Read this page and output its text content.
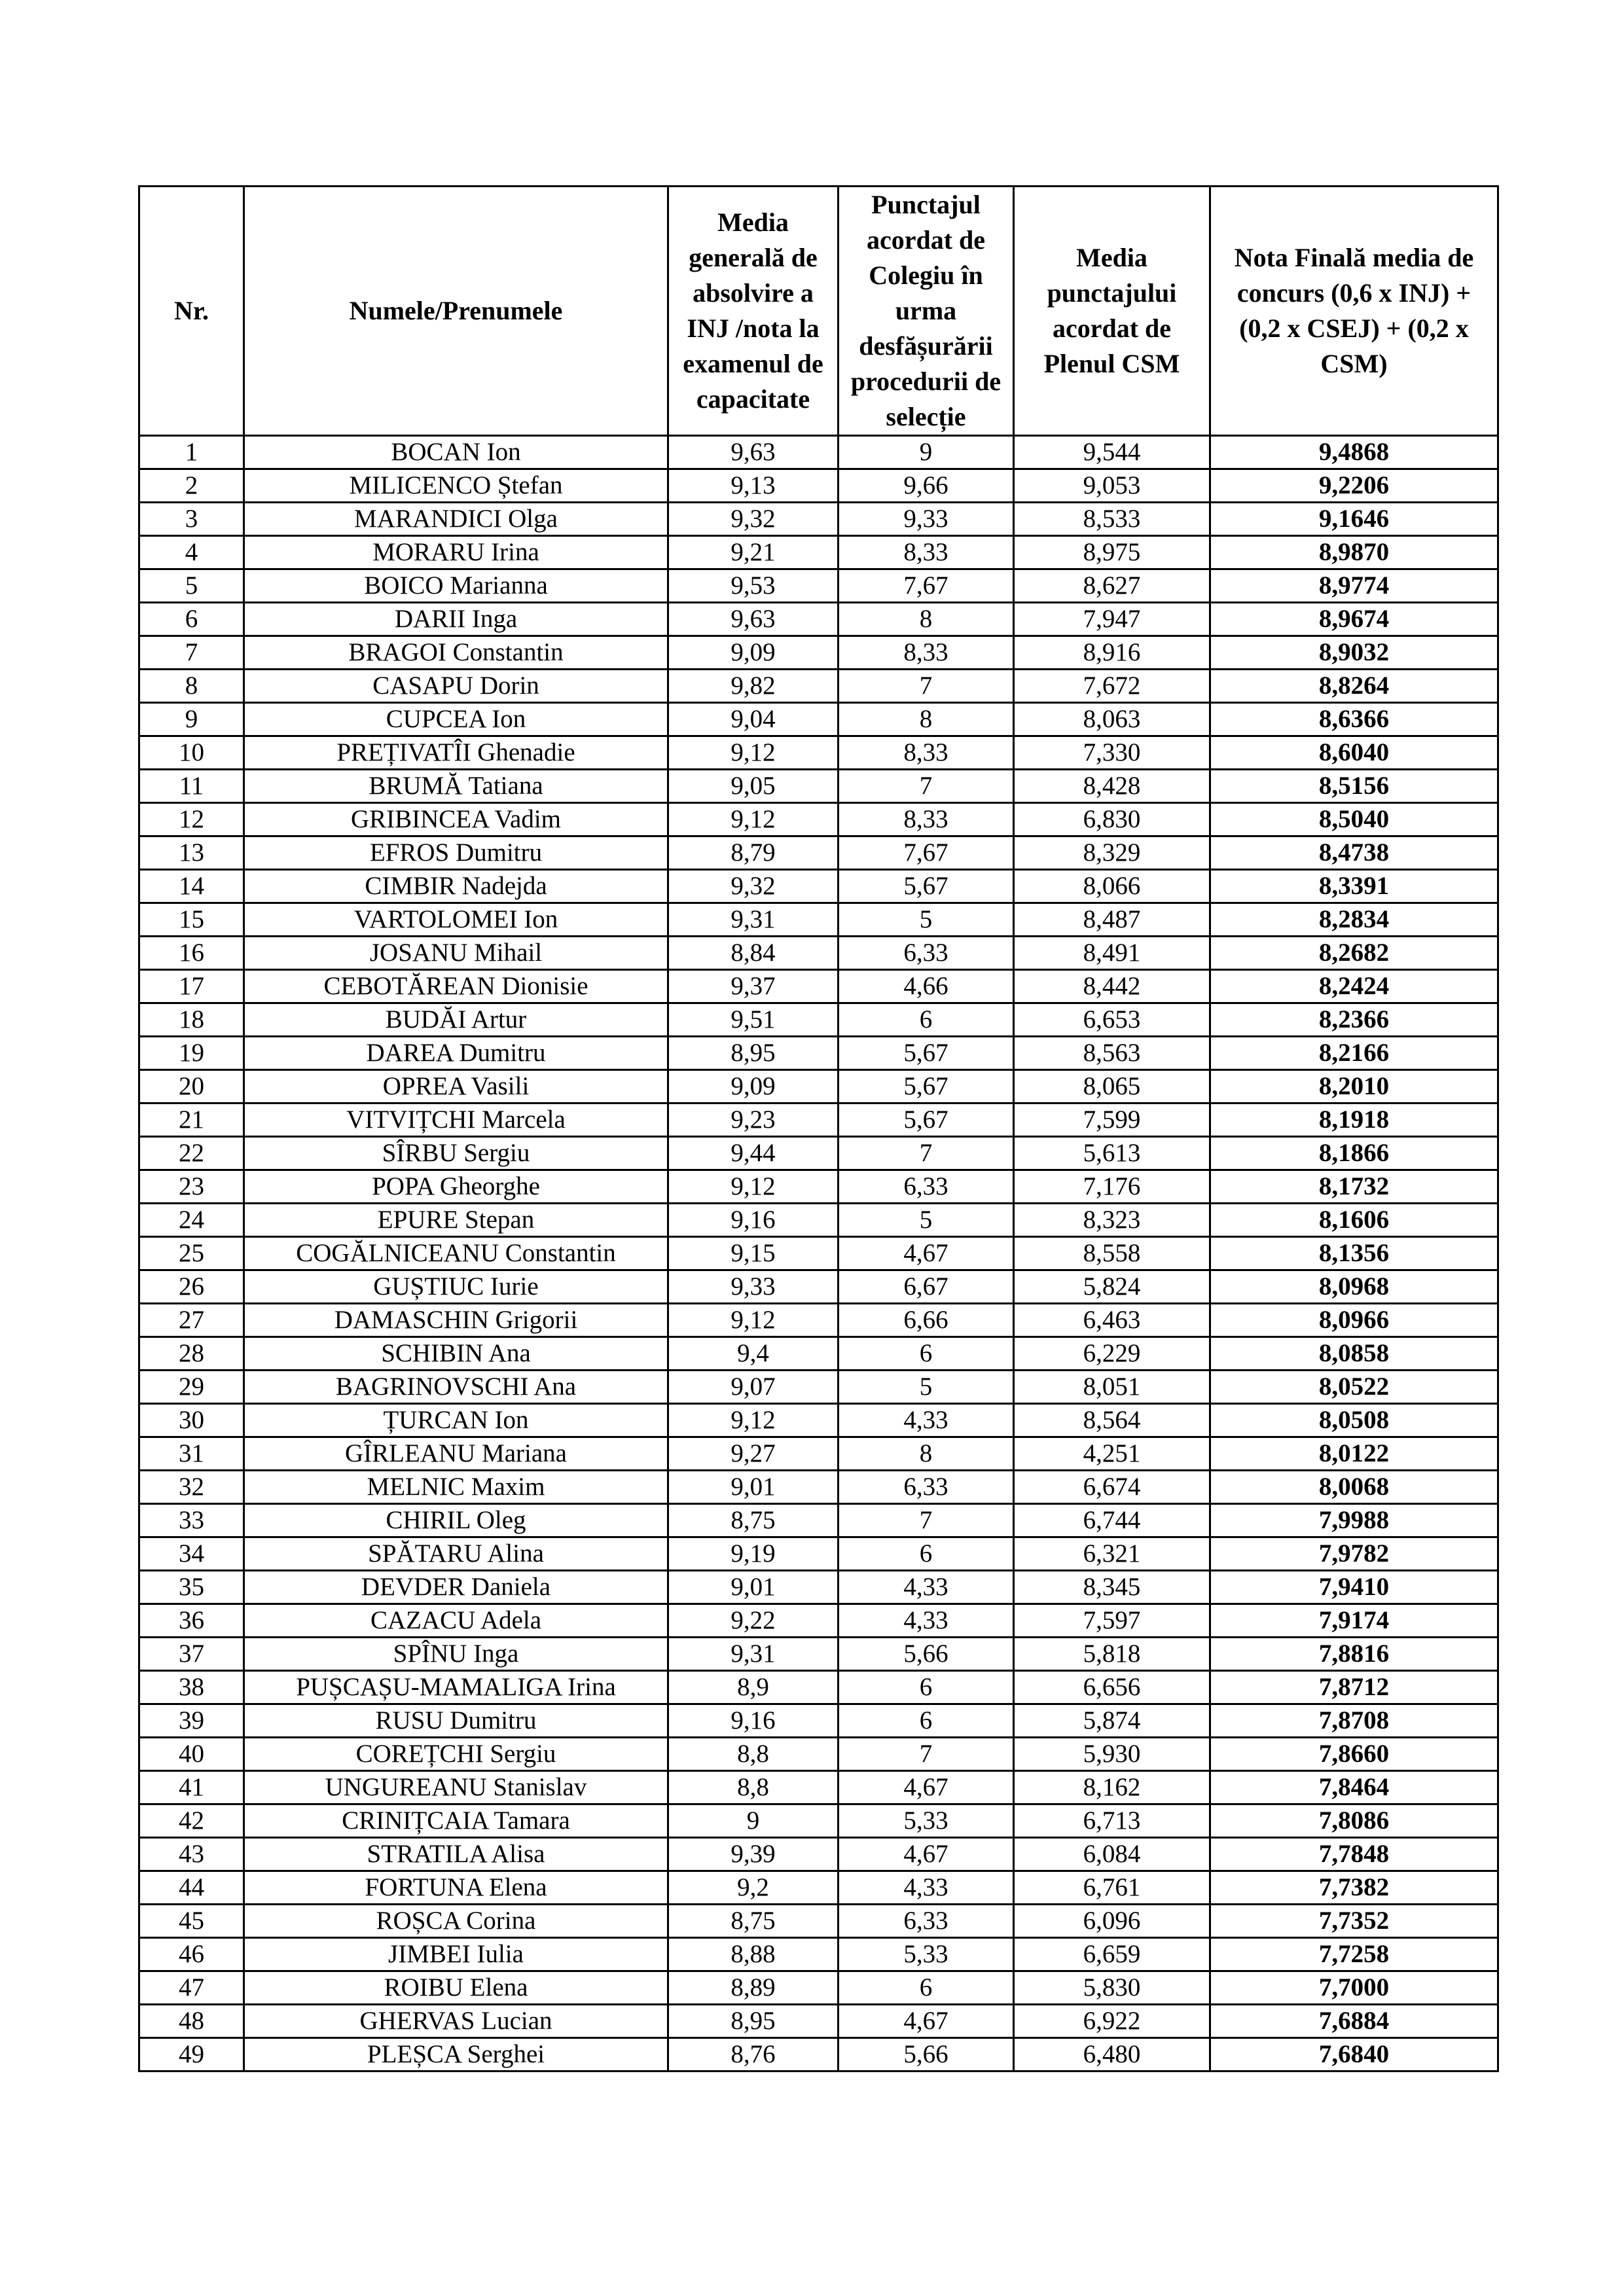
Nr.	Numele/Prenumele	Media generală de absolvire a INJ /nota la examenul de capacitate	Punctajul acordat de Colegiu în urma desfășurării procedurii de selecție	Media punctajului acordat de Plenul CSM	Nota Finală media de concurs (0,6 x INJ) + (0,2 x CSEJ) + (0,2 x CSM)
1	BOCAN Ion	9,63	9	9,544	9,4868
2	MILICENCO Ștefan	9,13	9,66	9,053	9,2206
3	MARANDICI Olga	9,32	9,33	8,533	9,1646
4	MORARU Irina	9,21	8,33	8,975	8,9870
5	BOICO Marianna	9,53	7,67	8,627	8,9774
6	DARII Inga	9,63	8	7,947	8,9674
7	BRAGOI Constantin	9,09	8,33	8,916	8,9032
8	CASAPU Dorin	9,82	7	7,672	8,8264
9	CUPCEA Ion	9,04	8	8,063	8,6366
10	PREȚIVATÎI Ghenadie	9,12	8,33	7,330	8,6040
11	BRUMĂ Tatiana	9,05	7	8,428	8,5156
12	GRIBINCEA Vadim	9,12	8,33	6,830	8,5040
13	EFROS Dumitru	8,79	7,67	8,329	8,4738
14	CIMBIR Nadejda	9,32	5,67	8,066	8,3391
15	VARTOLOMEI Ion	9,31	5	8,487	8,2834
16	JOSANU Mihail	8,84	6,33	8,491	8,2682
17	CEBOTĂREAN Dionisie	9,37	4,66	8,442	8,2424
18	BUDĂI Artur	9,51	6	6,653	8,2366
19	DAREA Dumitru	8,95	5,67	8,563	8,2166
20	OPREA Vasili	9,09	5,67	8,065	8,2010
21	VITVIȚCHI Marcela	9,23	5,67	7,599	8,1918
22	SÎRBU Sergiu	9,44	7	5,613	8,1866
23	POPA Gheorghe	9,12	6,33	7,176	8,1732
24	EPURE Stepan	9,16	5	8,323	8,1606
25	COGĂLNICEANU Constantin	9,15	4,67	8,558	8,1356
26	GUȘTIUC Iurie	9,33	6,67	5,824	8,0968
27	DAMASCHIN Grigorii	9,12	6,66	6,463	8,0966
28	SCHIBIN Ana	9,4	6	6,229	8,0858
29	BAGRINOVSCHI Ana	9,07	5	8,051	8,0522
30	ȚURCAN Ion	9,12	4,33	8,564	8,0508
31	GÎRLEANU Mariana	9,27	8	4,251	8,0122
32	MELNIC Maxim	9,01	6,33	6,674	8,0068
33	CHIRIL Oleg	8,75	7	6,744	7,9988
34	SPĂTARU Alina	9,19	6	6,321	7,9782
35	DEVDER Daniela	9,01	4,33	8,345	7,9410
36	CAZACU Adela	9,22	4,33	7,597	7,9174
37	SPÎNU Inga	9,31	5,66	5,818	7,8816
38	PUȘCAȘU-MAMALIGA Irina	8,9	6	6,656	7,8712
39	RUSU Dumitru	9,16	6	5,874	7,8708
40	COREȚCHI Sergiu	8,8	7	5,930	7,8660
41	UNGUREANU Stanislav	8,8	4,67	8,162	7,8464
42	CRINIȚCAIA Tamara	9	5,33	6,713	7,8086
43	STRATILA Alisa	9,39	4,67	6,084	7,7848
44	FORTUNA Elena	9,2	4,33	6,761	7,7382
45	ROȘCA Corina	8,75	6,33	6,096	7,7352
46	JIMBEI Iulia	8,88	5,33	6,659	7,7258
47	ROIBU Elena	8,89	6	5,830	7,7000
48	GHERVAS Lucian	8,95	4,67	6,922	7,6884
49	PLEȘCA Serghei	8,76	5,66	6,480	7,6840
